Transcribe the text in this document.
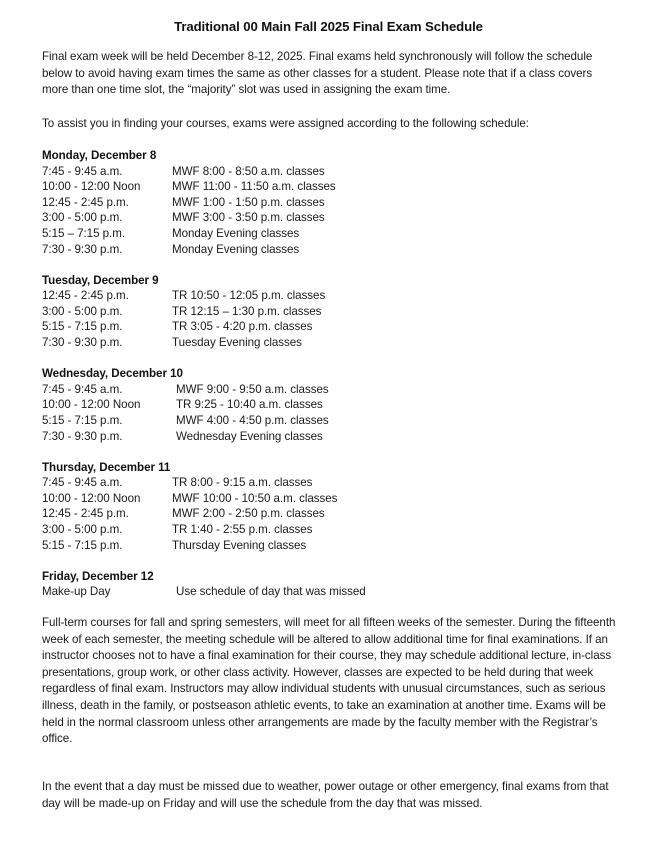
Traditional 00 Main Fall 2025 Final Exam Schedule

Final exam week will be held December 8-12, 2025. Final exams held synchronously will follow the schedule below to avoid having exam times the same as other classes for a student. Please note that if a class covers more than one time slot, the “majority” slot was used in assigning the exam time.

To assist you in finding your courses, exams were assigned according to the following schedule:

Monday, December 8
7:45 - 9:45 a.m.	MWF 8:00 - 8:50 a.m. classes
10:00 - 12:00 Noon	MWF 11:00 - 11:50 a.m. classes
12:45 - 2:45 p.m.	MWF 1:00 - 1:50 p.m. classes
3:00 - 5:00 p.m.	MWF 3:00 - 3:50 p.m. classes
5:15 – 7:15 p.m.	Monday Evening classes
7:30 - 9:30 p.m.	Monday Evening classes
Tuesday, December 9
12:45 - 2:45 p.m.	TR 10:50 - 12:05 p.m. classes
3:00 - 5:00 p.m.	TR 12:15 – 1:30 p.m. classes
5:15 - 7:15 p.m.	TR 3:05 - 4:20 p.m. classes
7:30 - 9:30 p.m.	Tuesday Evening classes
Wednesday, December 10
7:45 - 9:45 a.m.	MWF 9:00 - 9:50 a.m. classes
10:00 - 12:00 Noon	TR 9:25 - 10:40 a.m. classes
5:15 - 7:15 p.m.	MWF 4:00 - 4:50 p.m. classes
7:30 - 9:30 p.m.	Wednesday Evening classes
Thursday, December 11
7:45 - 9:45 a.m.	TR 8:00 - 9:15 a.m. classes
10:00 - 12:00 Noon	MWF 10:00 - 10:50 a.m. classes
12:45 - 2:45 p.m.	MWF 2:00 - 2:50 p.m. classes
3:00 - 5:00 p.m.	TR 1:40 - 2:55 p.m. classes
5:15 - 7:15 p.m.	Thursday Evening classes
Friday, December 12
Make-up Day	Use schedule of day that was missed

Full-term courses for fall and spring semesters, will meet for all fifteen weeks of the semester. During the fifteenth week of each semester, the meeting schedule will be altered to allow additional time for final examinations. If an instructor chooses not to have a final examination for their course, they may schedule additional lecture, in-class presentations, group work, or other class activity. However, classes are expected to be held during that week regardless of final exam. Instructors may allow individual students with unusual circumstances, such as serious illness, death in the family, or postseason athletic events, to take an examination at another time. Exams will be held in the normal classroom unless other arrangements are made by the faculty member with the Registrar’s office.

In the event that a day must be missed due to weather, power outage or other emergency, final exams from that day will be made-up on Friday and will use the schedule from the day that was missed.
